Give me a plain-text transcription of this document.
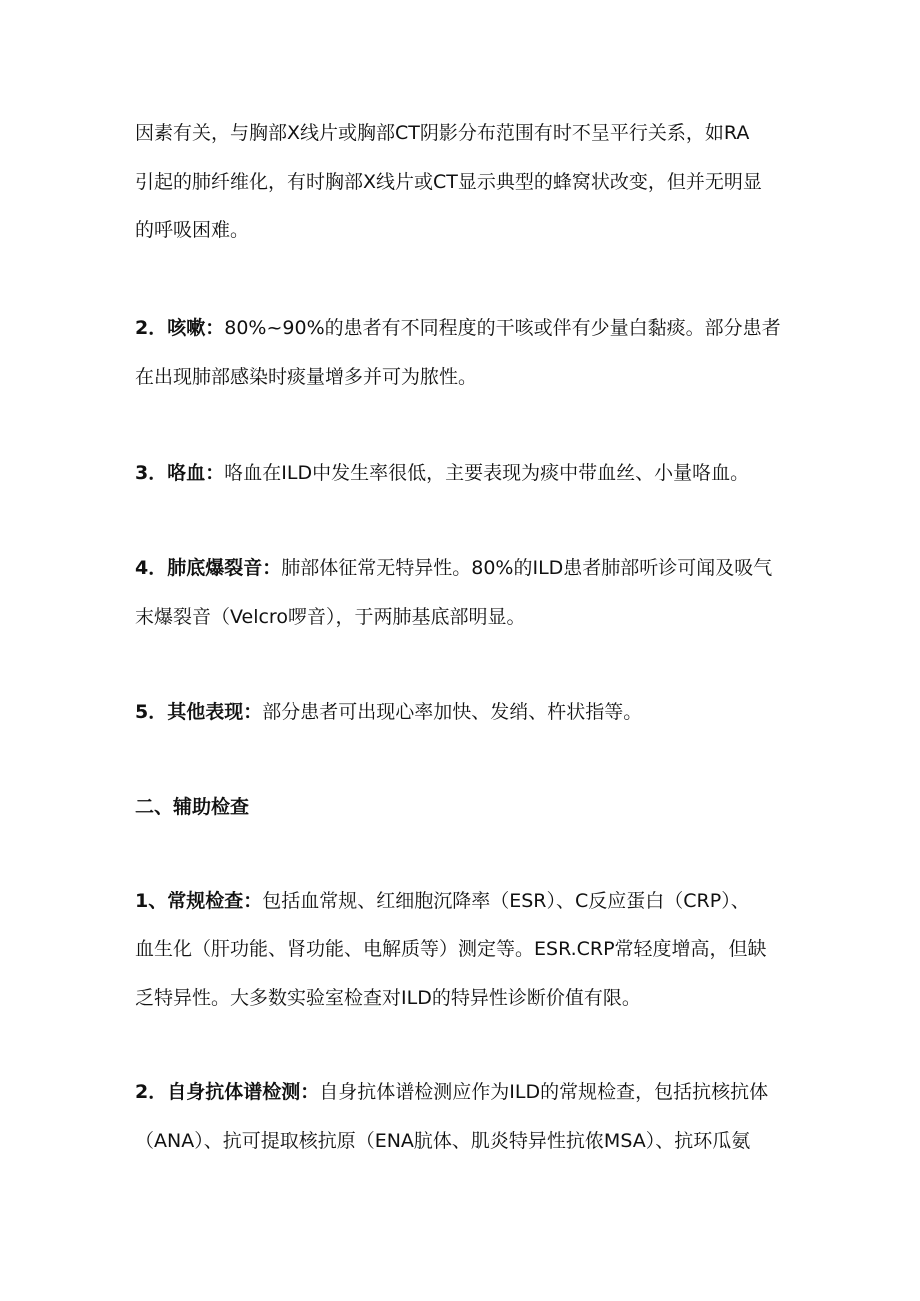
因素有关，与胸部X线片或胸部CT阴影分布范围有时不呈平行关系，如RA
引起的肺纤维化，有时胸部X线片或CT显示典型的蜂窝状改变，但并无明显
的呼吸困难。
2．咳嗽：80%~90%的患者有不同程度的干咳或伴有少量白黏痰。部分患者
在出现肺部感染时痰量增多并可为脓性。
3．咯血：咯血在ILD中发生率很低，主要表现为痰中带血丝、小量咯血。
4．肺底爆裂音：肺部体征常无特异性。80%的ILD患者肺部听诊可闻及吸气
末爆裂音（Velcro啰音），于两肺基底部明显。
5．其他表现：部分患者可出现心率加快、发绡、杵状指等。
二、辅助检查
1、常规检查：包括血常规、红细胞沉降率（ESR）、C反应蛋白（CRP）、
血生化（肝功能、肾功能、电解质等）测定等。ESR.CRP常轻度增高，但缺
乏特异性。大多数实验室检查对ILD的特异性诊断价值有限。
2．自身抗体谱检测：自身抗体谱检测应作为ILD的常规检查，包括抗核抗体
（ANA）、抗可提取核抗原（ENA肮体、肌炎特异性抗侬MSA）、抗环瓜氨
